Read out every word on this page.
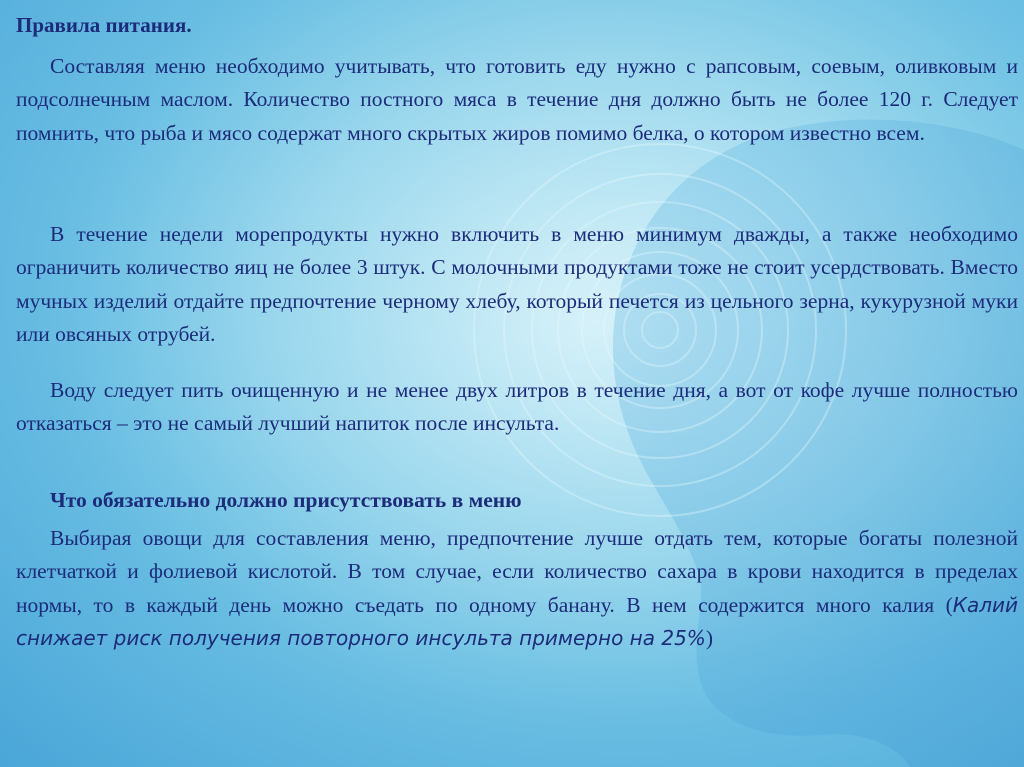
Правила питания.

Составляя меню необходимо учитывать, что готовить еду нужно с рапсовым, соевым, оливковым и подсолнечным маслом. Количество постного мяса в течение дня должно быть не более 120 г. Следует помнить, что рыба и мясо содержат много скрытых жиров помимо белка, о котором известно всем.

В течение недели морепродукты нужно включить в меню минимум дважды, а также необходимо ограничить количество яиц не более 3 штук. С молочными продуктами тоже не стоит усердствовать. Вместо мучных изделий отдайте предпочтение черному хлебу, который печется из цельного зерна, кукурузной муки или овсяных отрубей.

Воду следует пить очищенную и не менее двух литров в течение дня, а вот от кофе лучше полностью отказаться – это не самый лучший напиток после инсульта.

Что обязательно должно присутствовать в меню

Выбирая овощи для составления меню, предпочтение лучше отдать тем, которые богаты полезной клетчаткой и фолиевой кислотой. В том случае, если количество сахара в крови находится в пределах нормы, то в каждый день можно съедать по одному банану. В нем содержится много калия (Калий снижает риск получения повторного инсульта примерно на 25%)
